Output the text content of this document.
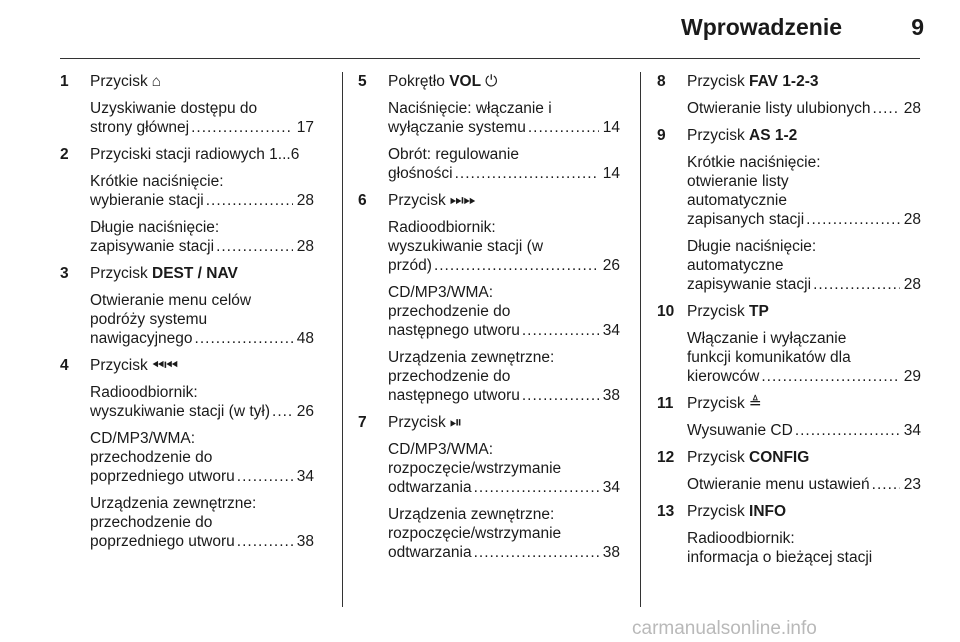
Wprowadzenie	9
1 Przycisk ⌂
Uzyskiwanie dostępu do
strony głównej .....	17
2 Przyciski stacji radiowych 1...6
Krótkie naciśnięcie:
wybieranie stacji .....	28
Długie naciśnięcie:
zapisywanie stacji .....	28
3 Przycisk DEST / NAV
Otwieranie menu celów
podróży systemu
nawigacyjnego .....	48
4 Przycisk ⏪︎⏮︎
Radioodbiornik:
wyszukiwanie stacji (w tył) ..... 26
CD/MP3/WMA:
przechodzenie do
poprzedniego utworu .....	34
Urządzenia zewnętrzne:
przechodzenie do
poprzedniego utworu .....	38
5 Pokrętło VOL ⏻
Naciśnięcie: włączanie i
wyłączanie systemu .....	14
Obrót: regulowanie
głośności .....	14
6 Przycisk ⏭︎⏩︎
Radioodbiornik:
wyszukiwanie stacji (w
przód) .....	26
CD/MP3/WMA:
przechodzenie do
następnego utworu .....	34
Urządzenia zewnętrzne:
przechodzenie do
następnego utworu .....	38
7 Przycisk ⏯︎
CD/MP3/WMA:
rozpoczęcie/wstrzymanie
odtwarzania .....	34
Urządzenia zewnętrzne:
rozpoczęcie/wstrzymanie
odtwarzania .....	38
8 Przycisk FAV 1-2-3
Otwieranie listy ulubionych ..... 28
9 Przycisk AS 1-2
Krótkie naciśnięcie:
otwieranie listy
automatycznie
zapisanych stacji .....	28
Długie naciśnięcie:
automatyczne
zapisywanie stacji .....	28
10 Przycisk TP
Włączanie i wyłączanie
funkcji komunikatów dla
kierowców .....	29
11 Przycisk ≜
Wysuwanie CD .....	34
12 Przycisk CONFIG
Otwieranie menu ustawień ..... 23
13 Przycisk INFO
Radioodbiornik:
informacja o bieżącej stacji
carmanualsonline.info
